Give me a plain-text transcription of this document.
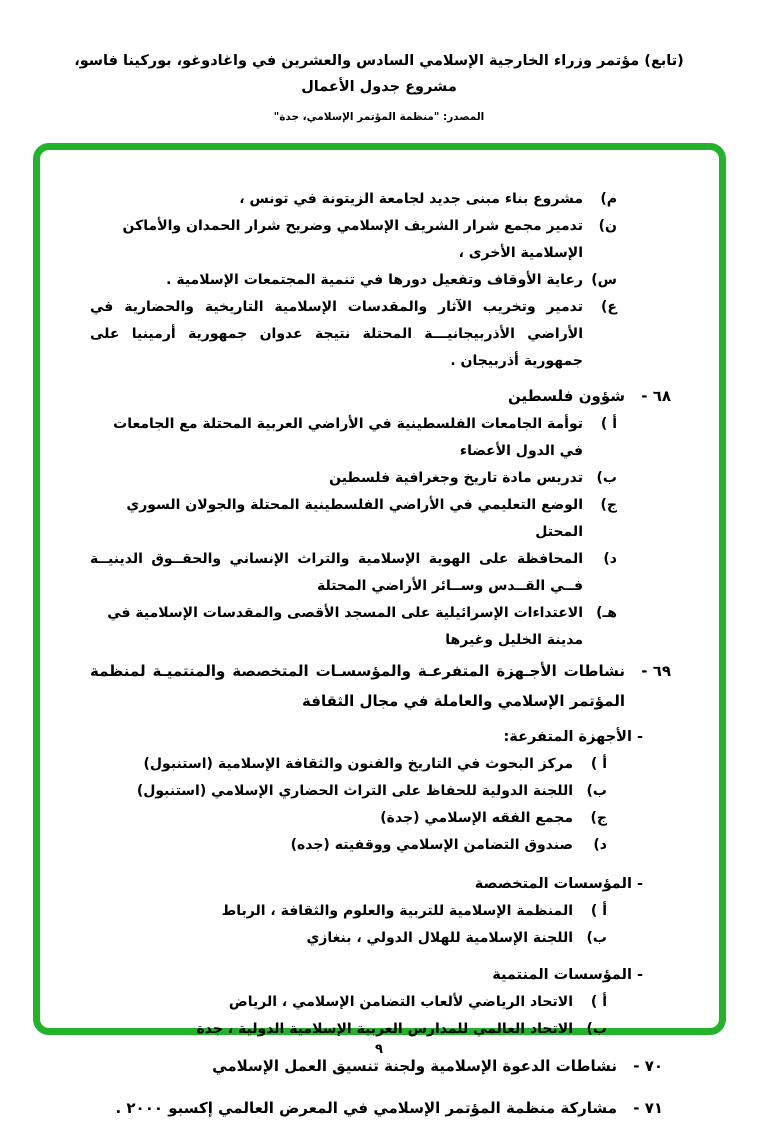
(تابع) مؤتمر وزراء الخارجية الإسلامي السادس والعشرين في واغادوغو، بوركينا فاسو، مشروع جدول الأعمال
المصدر: "منظمة المؤتمر الإسلامي، جدة"
م)
مشروع بناء مبنى جديد لجامعة الزيتونة في تونس ،
ن)
تدمير مجمع شرار الشريف الإسلامي وضريح شرار الحمدان والأماكن الإسلامية الأخرى ،
س)
رعاية الأوقاف وتفعيل دورها في تنمية المجتمعات الإسلامية .
ع)
تدمير وتخريب الآثار والمقدسات الإسلامية التاريخية والحضارية في الأراضي الأذربيجانيـــة المحتلة نتيجة عدوان جمهورية أرمينيا على جمهورية أذربيجان .
٦٨ -
شؤون فلسطين
أ )
توأمة الجامعات الفلسطينية في الأراضي العربية المحتلة مع الجامعات في الدول الأعضاء
ب)
تدريس مادة تاريخ وجغرافية فلسطين
ج)
الوضع التعليمي في الأراضي الفلسطينية المحتلة والجولان السوري المحتل
د)
المحافظة على الهوية الإسلامية والتراث الإنساني والحقــوق الدينيــة فــي القــدس وســائر الأراضي المحتلة
هـ)
الاعتداءات الإسرائيلية على المسجد الأقصى والمقدسات الإسلامية في مدينة الخليل وغيرها
٦٩ -
نشاطات الأجـهزة المتفرعـة والمؤسسـات المتخصصة والمنتميـة لمنظمة المؤتمر الإسلامي والعاملة في مجال الثقافة
- الأجهزة المتفرعة:
أ )
مركز البحوث في التاريخ والفنون والثقافة الإسلامية (استنبول)
ب)
اللجنة الدولية للحفاظ على التراث الحضاري الإسلامي (استنبول)
ج)
مجمع الفقه الإسلامي (جدة)
د)
صندوق التضامن الإسلامي ووقفيته (جده)
- المؤسسات المتخصصة
أ )
المنظمة الإسلامية للتربية والعلوم والثقافة ، الرباط
ب)
اللجنة الإسلامية للهلال الدولي ، بنغازي
- المؤسسات المنتمية
أ )
الاتحاد الرياضي لألعاب التضامن الإسلامي ، الرياض
ب)
الاتحاد العالمي للمدارس العربية الإسلامية الدولية ، جدة
٧٠ -
نشاطات الدعوة الإسلامية ولجنة تنسيق العمل الإسلامي
٧١ -
مشاركة منظمة المؤتمر الإسلامي في المعرض العالمي إكسبو ٢٠٠٠ .
٩
